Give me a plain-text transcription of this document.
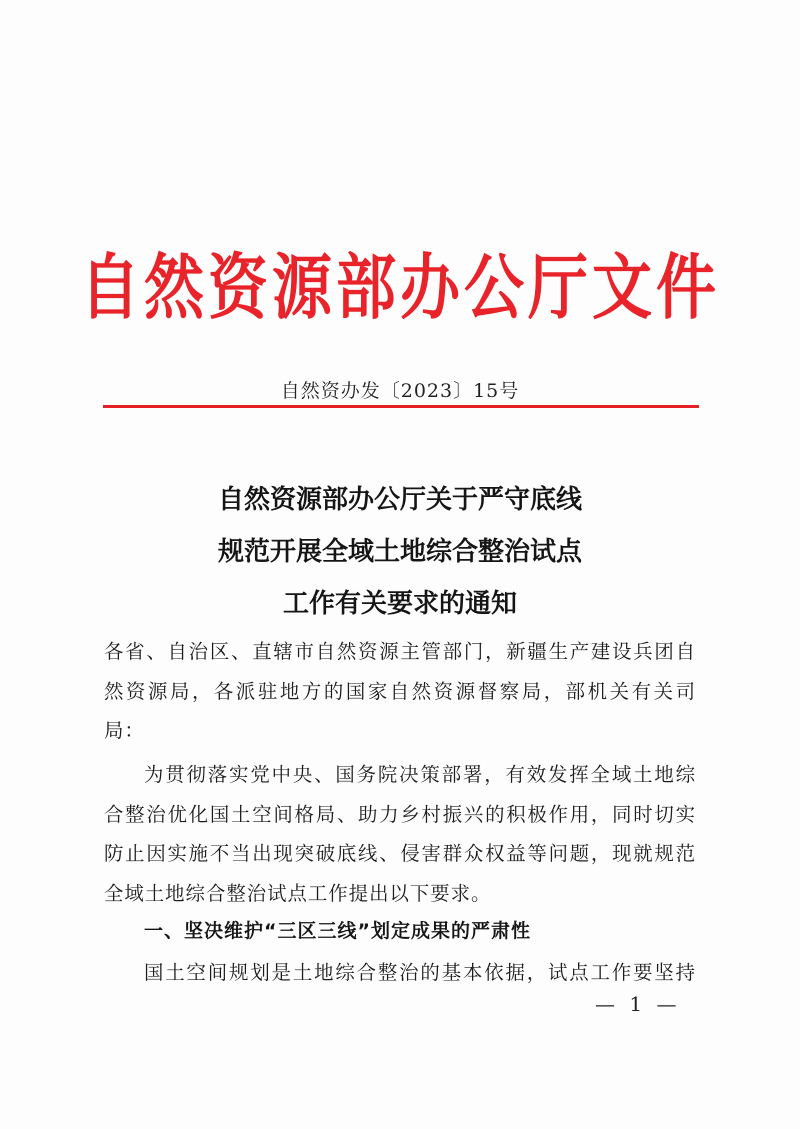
自然资源部办公厅文件
自然资办发〔2023〕15号
自然资源部办公厅关于严守底线
规范开展全域土地综合整治试点
工作有关要求的通知
各省、自治区、直辖市自然资源主管部门，新疆生产建设兵团自
然资源局，各派驻地方的国家自然资源督察局，部机关有关司
局：
为贯彻落实党中央、国务院决策部署，有效发挥全域土地综
合整治优化国土空间格局、助力乡村振兴的积极作用，同时切实
防止因实施不当出现突破底线、侵害群众权益等问题，现就规范
全域土地综合整治试点工作提出以下要求。
一、坚决维护“三区三线”划定成果的严肃性
国土空间规划是土地综合整治的基本依据，试点工作要坚持
— 1 —
